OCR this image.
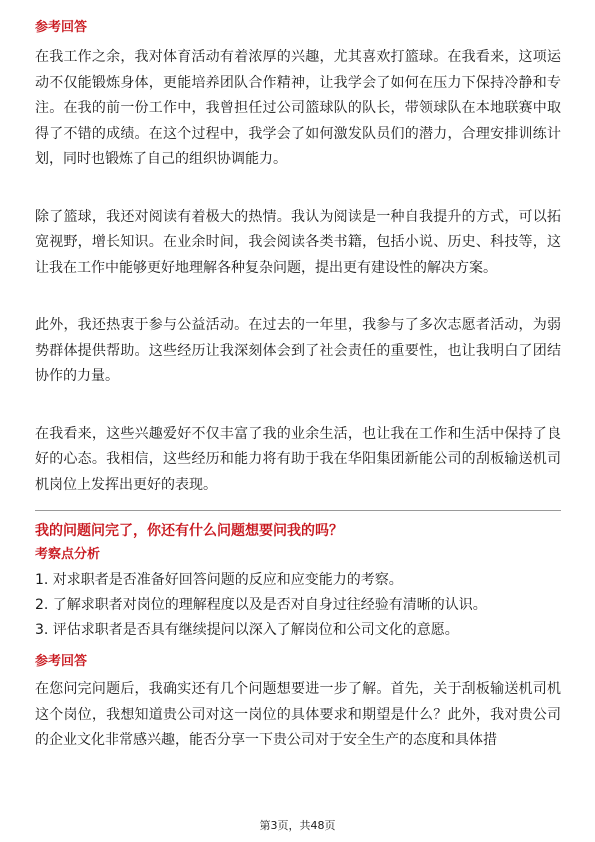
参考回答

在我工作之余，我对体育活动有着浓厚的兴趣，尤其喜欢打篮球。在我看来，这项运动不仅能锻炼身体，更能培养团队合作精神，让我学会了如何在压力下保持冷静和专注。在我的前一份工作中，我曾担任过公司篮球队的队长，带领球队在本地联赛中取得了不错的成绩。在这个过程中，我学会了如何激发队员们的潜力，合理安排训练计划，同时也锻炼了自己的组织协调能力。

除了篮球，我还对阅读有着极大的热情。我认为阅读是一种自我提升的方式，可以拓宽视野，增长知识。在业余时间，我会阅读各类书籍，包括小说、历史、科技等，这让我在工作中能够更好地理解各种复杂问题，提出更有建设性的解决方案。

此外，我还热衷于参与公益活动。在过去的一年里，我参与了多次志愿者活动，为弱势群体提供帮助。这些经历让我深刻体会到了社会责任的重要性，也让我明白了团结协作的力量。

在我看来，这些兴趣爱好不仅丰富了我的业余生活，也让我在工作和生活中保持了良好的心态。我相信，这些经历和能力将有助于我在华阳集团新能公司的刮板输送机司机岗位上发挥出更好的表现。

我的问题问完了，你还有什么问题想要问我的吗？

考察点分析

1. 对求职者是否准备好回答问题的反应和应变能力的考察。

2. 了解求职者对岗位的理解程度以及是否对自身过往经验有清晰的认识。

3. 评估求职者是否具有继续提问以深入了解岗位和公司文化的意愿。

参考回答

在您问完问题后，我确实还有几个问题想要进一步了解。首先，关于刮板输送机司机这个岗位，我想知道贵公司对这一岗位的具体要求和期望是什么？此外，我对贵公司的企业文化非常感兴趣，能否分享一下贵公司对于安全生产的态度和具体措

第3页，共48页
